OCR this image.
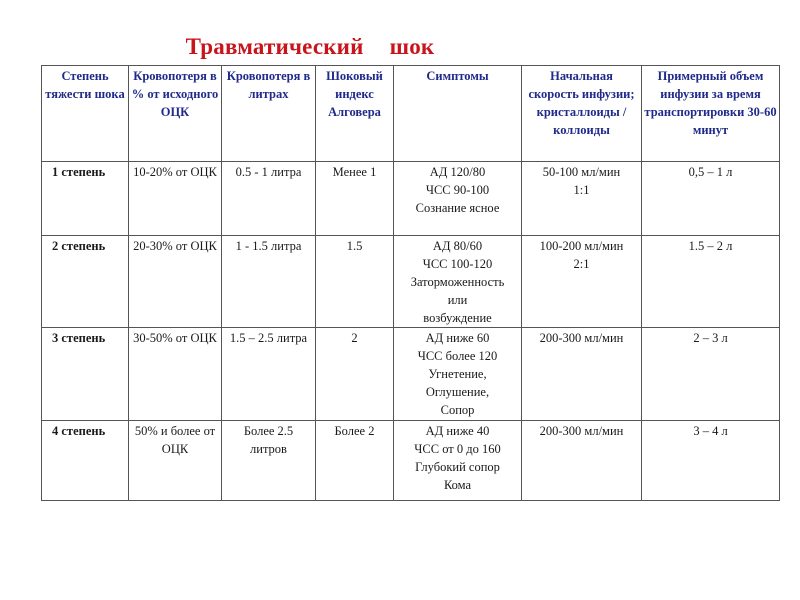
Травматический шок
Степень тяжести шока	Кровопотеря в % от исходного ОЦК	Кровопотеря в литрах	Шоковый индекс Алговера	Симптомы	Начальная скорость инфузии; кристаллоиды / коллоиды	Примерный объем инфузии за время транспортировки 30-60 минут
1 степень	10-20% от ОЦК	0.5 - 1 литра	Менее 1	АД 120/80
ЧСС 90-100
Сознание ясное	50-100 мл/мин
1:1	0,5 – 1 л
2 степень	20-30% от ОЦК	1 - 1.5 литра	1.5	АД 80/60
ЧСС 100-120
Заторможенность
или
возбуждение	100-200 мл/мин
2:1	1.5 – 2 л
3 степень	30-50% от ОЦК	1.5 – 2.5 литра	2	АД ниже 60
ЧСС более 120
Угнетение,
Оглушение,
Сопор	200-300 мл/мин	2 – 3 л
4 степень	50% и более от ОЦК	Более 2.5 литров	Более 2	АД ниже 40
ЧСС от 0 до 160
Глубокий сопор
Кома	200-300 мл/мин	3 – 4 л
